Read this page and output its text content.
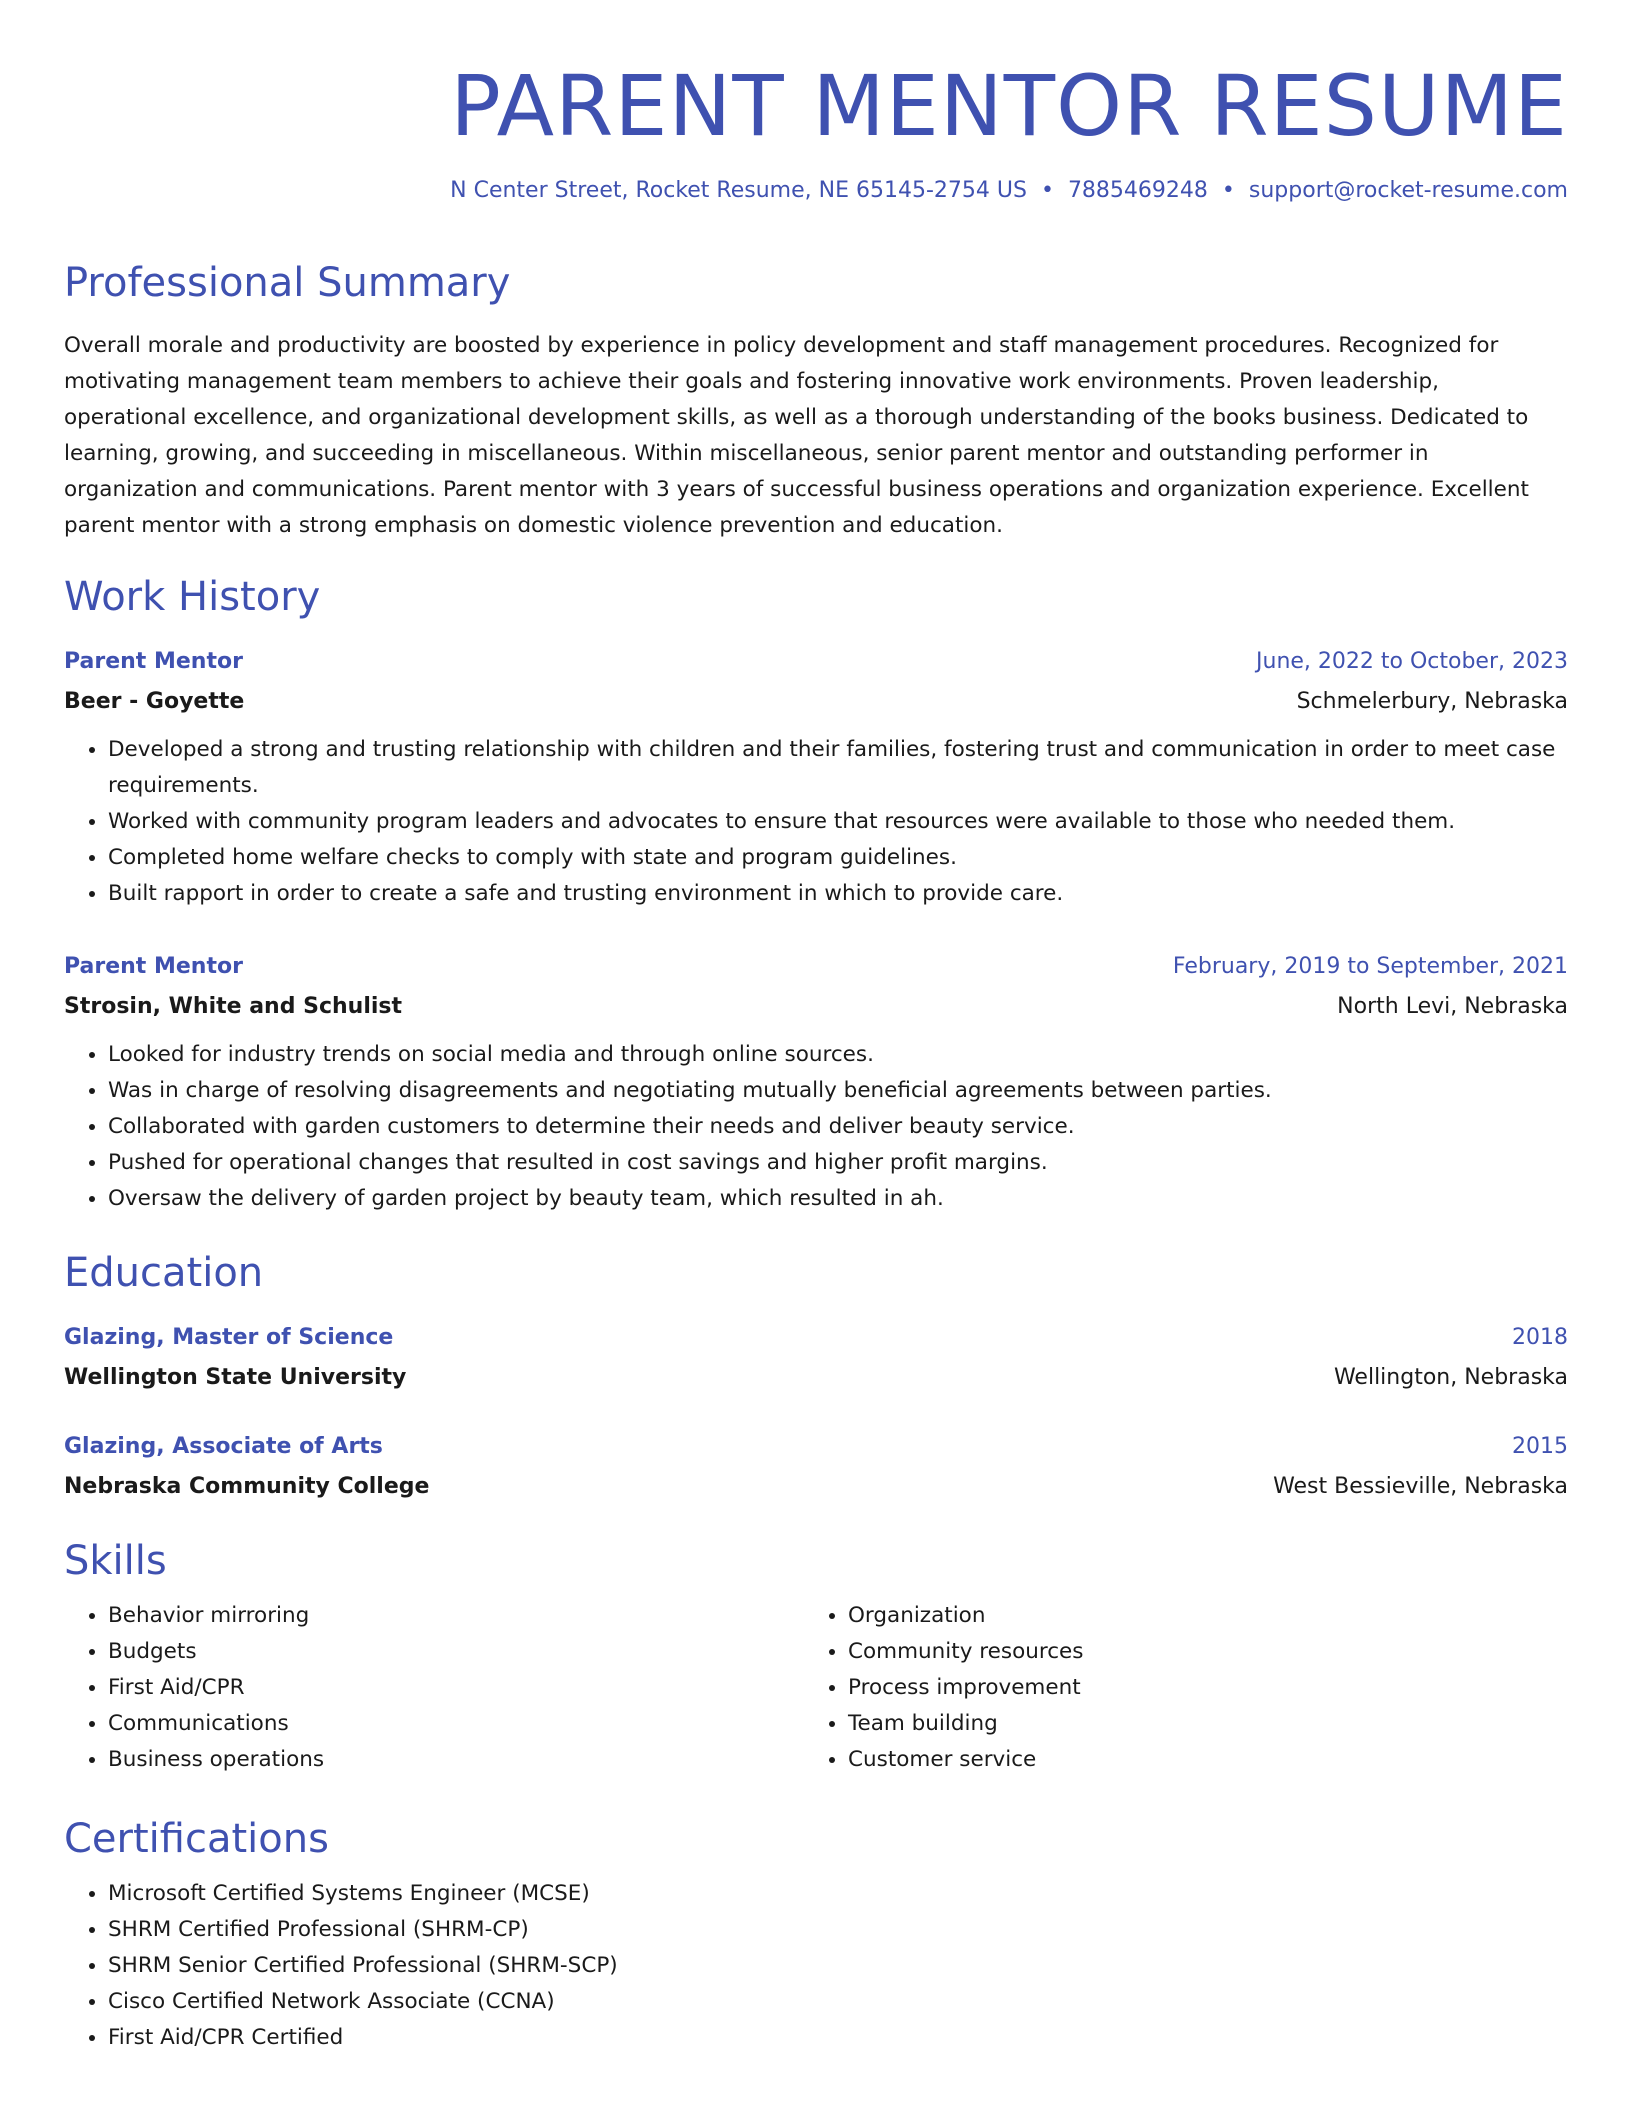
PARENT MENTOR RESUME
N Center Street, Rocket Resume, NE 65145-2754 US • 7885469248 • support@rocket-resume.com
Professional Summary

Overall morale and productivity are boosted by experience in policy development and staff management procedures. Recognized for motivating management team members to achieve their goals and fostering innovative work environments. Proven leadership, operational excellence, and organizational development skills, as well as a thorough understanding of the books business. Dedicated to learning, growing, and succeeding in miscellaneous. Within miscellaneous, senior parent mentor and outstanding performer in organization and communications. Parent mentor with 3 years of successful business operations and organization experience. Excellent parent mentor with a strong emphasis on domestic violence prevention and education.

Work History
Parent Mentor	June, 2022 to October, 2023
Beer - Goyette	Schmelerbury, Nebraska
• Developed a strong and trusting relationship with children and their families, fostering trust and communication in order to meet case requirements.
• Worked with community program leaders and advocates to ensure that resources were available to those who needed them.
• Completed home welfare checks to comply with state and program guidelines.
• Built rapport in order to create a safe and trusting environment in which to provide care.
Parent Mentor	February, 2019 to September, 2021
Strosin, White and Schulist	North Levi, Nebraska
• Looked for industry trends on social media and through online sources.
• Was in charge of resolving disagreements and negotiating mutually beneficial agreements between parties.
• Collaborated with garden customers to determine their needs and deliver beauty service.
• Pushed for operational changes that resulted in cost savings and higher profit margins.
• Oversaw the delivery of garden project by beauty team, which resulted in ah.
Education
Glazing, Master of Science	2018
Wellington State University	Wellington, Nebraska
Glazing, Associate of Arts	2015
Nebraska Community College	West Bessieville, Nebraska
Skills
• Behavior mirroring
• Budgets
• First Aid/CPR
• Communications
• Business operations
• Organization
• Community resources
• Process improvement
• Team building
• Customer service
Certifications
• Microsoft Certified Systems Engineer (MCSE)
• SHRM Certified Professional (SHRM-CP)
• SHRM Senior Certified Professional (SHRM-SCP)
• Cisco Certified Network Associate (CCNA)
• First Aid/CPR Certified
